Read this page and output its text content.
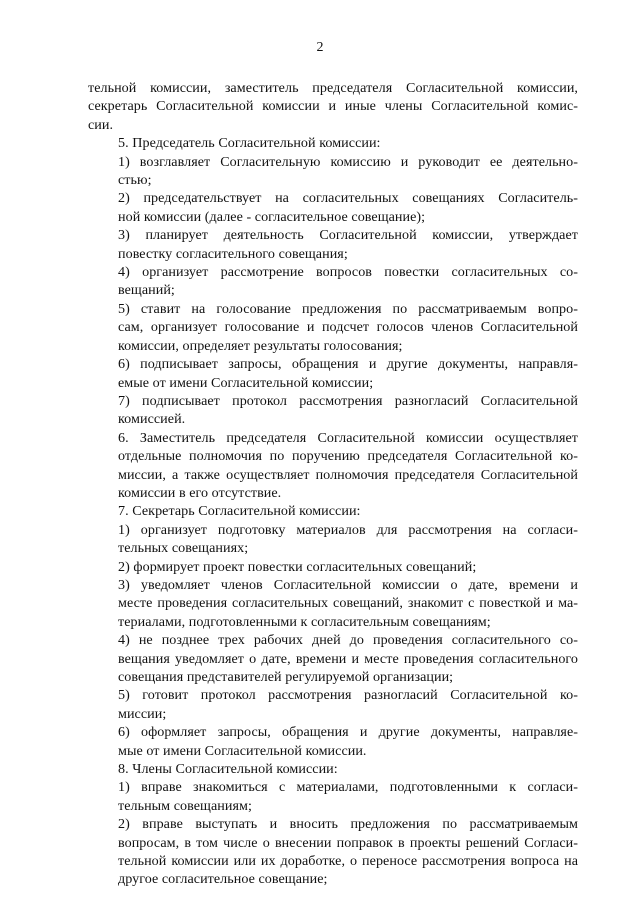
2

тельной комиссии, заместитель председателя Согласительной комиссии,
секретарь Согласительной комиссии и иные члены Согласительной комис-
сии.

5. Председатель Согласительной комиссии:

1) возглавляет Согласительную комиссию и руководит ее деятельно-
стью;

2) председательствует на согласительных совещаниях Согласитель-
ной комиссии (далее - согласительное совещание);

3) планирует деятельность Согласительной комиссии, утверждает
повестку согласительного совещания;

4) организует рассмотрение вопросов повестки согласительных со-
вещаний;

5) ставит на голосование предложения по рассматриваемым вопро-
сам, организует голосование и подсчет голосов членов Согласительной
комиссии, определяет результаты голосования;

6) подписывает запросы, обращения и другие документы, направля-
емые от имени Согласительной комиссии;

7) подписывает протокол рассмотрения разногласий Согласительной
комиссией.

6. Заместитель председателя Согласительной комиссии осуществляет
отдельные полномочия по поручению председателя Согласительной ко-
миссии, а также осуществляет полномочия председателя Согласительной
комиссии в его отсутствие.

7. Секретарь Согласительной комиссии:

1) организует подготовку материалов для рассмотрения на согласи-
тельных совещаниях;

2) формирует проект повестки согласительных совещаний;

3) уведомляет членов Согласительной комиссии о дате, времени и
месте проведения согласительных совещаний, знакомит с повесткой и ма-
териалами, подготовленными к согласительным совещаниям;

4) не позднее трех рабочих дней до проведения согласительного со-
вещания уведомляет о дате, времени и месте проведения согласительного
совещания представителей регулируемой организации;

5) готовит протокол рассмотрения разногласий Согласительной ко-
миссии;

6) оформляет запросы, обращения и другие документы, направляе-
мые от имени Согласительной комиссии.

8. Члены Согласительной комиссии:

1) вправе знакомиться с материалами, подготовленными к согласи-
тельным совещаниям;

2) вправе выступать и вносить предложения по рассматриваемым
вопросам, в том числе о внесении поправок в проекты решений Согласи-
тельной комиссии или их доработке, о переносе рассмотрения вопроса на
другое согласительное совещание;
